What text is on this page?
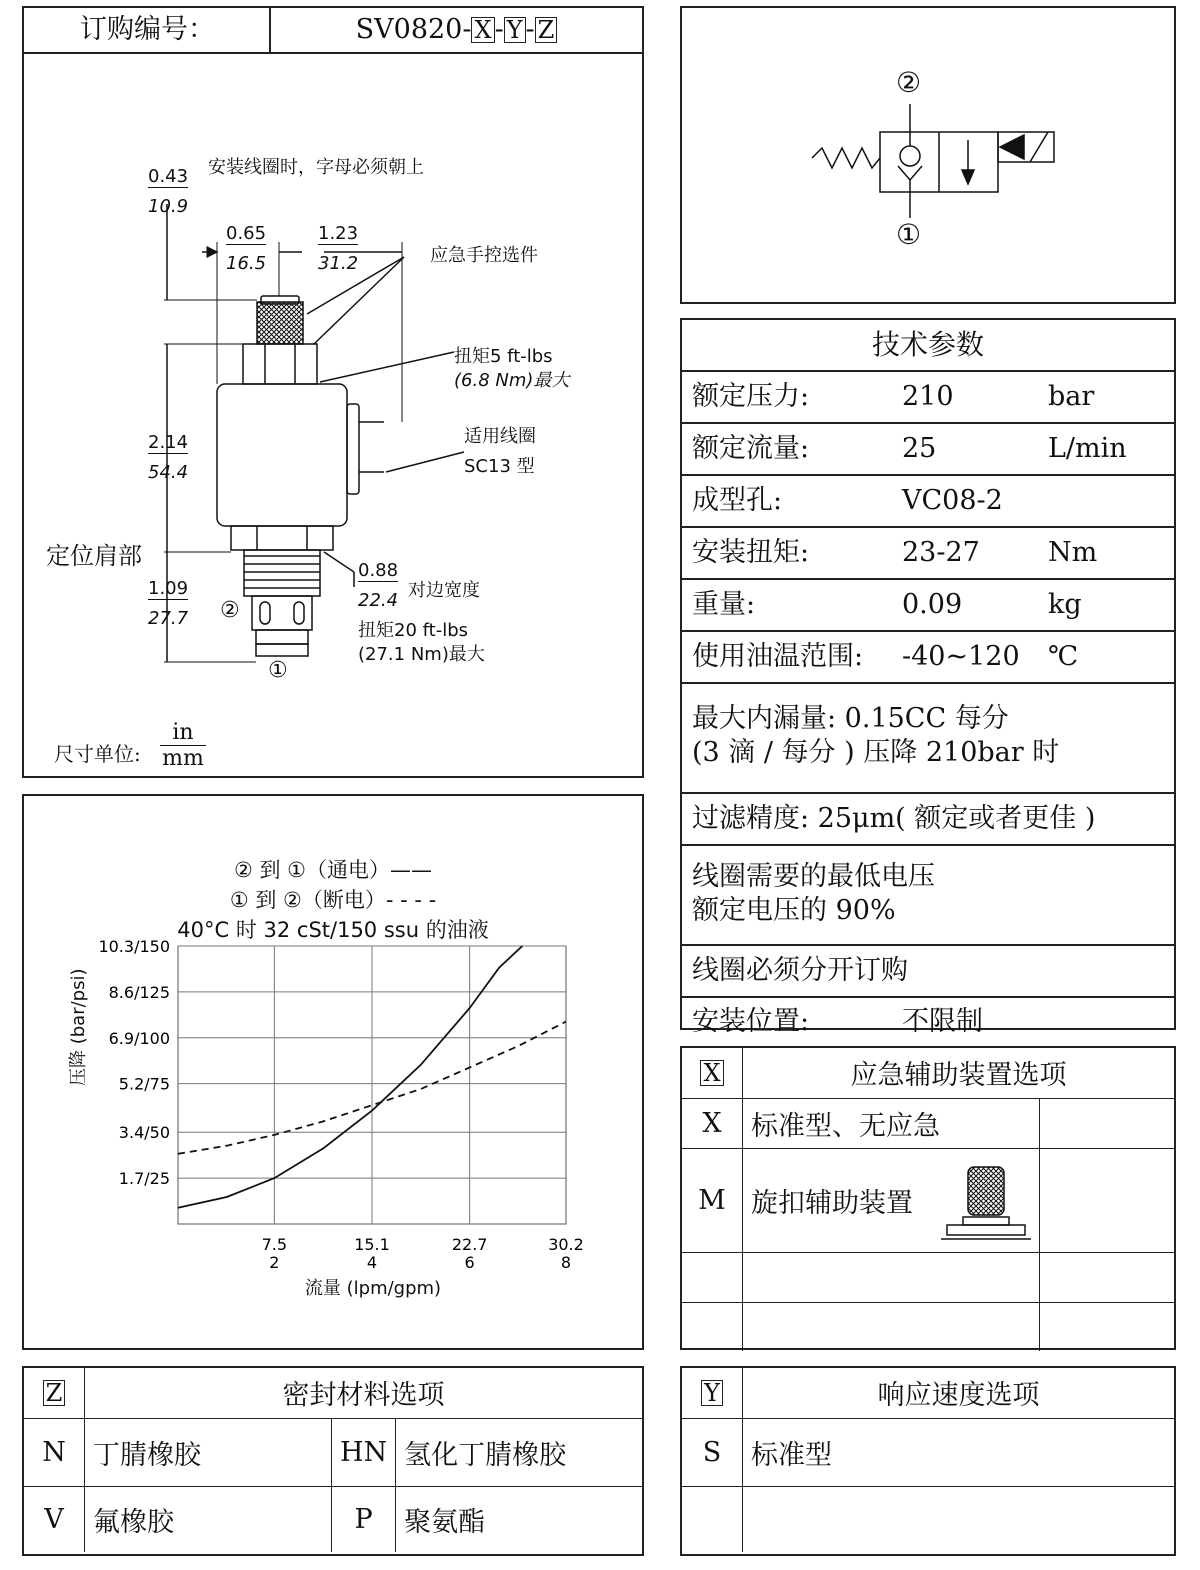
订购编号：	SV0820- X - Y - Z
安装线圈时，字母必须朝上
0.43
10.9
0.65
16.5
1.23
31.2	应急手控选件
扭矩5 ft-lbs
(6.8 Nm)最大
适用线圈
SC13 型
2.14
54.4
定位肩部
0.88
22.4 对边宽度
1.09
27.7
扭矩20 ft-lbs
(27.1 Nm)最大
②
①
尺寸单位:
in
mm
②
①
技术参数
额定压力:	210	bar
额定流量:	25	L/min
成型孔:	VC08-2
安装扭矩:	23-27	Nm
重量:	0.09	kg
使用油温范围: -40~120 ℃
最大内漏量: 0.15CC 每分
(3 滴 / 每分 ) 压降 210bar 时
过滤精度: 25μm( 额定或者更佳 )
线圈需要的最低电压
额定电压的 90%
线圈必须分开订购
安装位置:	不限制
② 到 ①（通电）——
① 到 ②（断电）- - - -
40°C 时 32 cSt/150 ssu 的油液
压降 (bar/psi)
流量 (lpm/gpm)
10.3/150
8.6/125
6.9/100
5.2/75
3.4/50
1.7/25
7.5
2
15.1
4
22.7
6
30.2
8
X	应急辅助装置选项	
X	标准型、无应急	
M	旋扣辅助装置

Z	密封材料选项		
N	丁腈橡胶	HN	氢化丁腈橡胶
V	氟橡胶	P	聚氨酯
Y	响应速度选项
S	标准型
